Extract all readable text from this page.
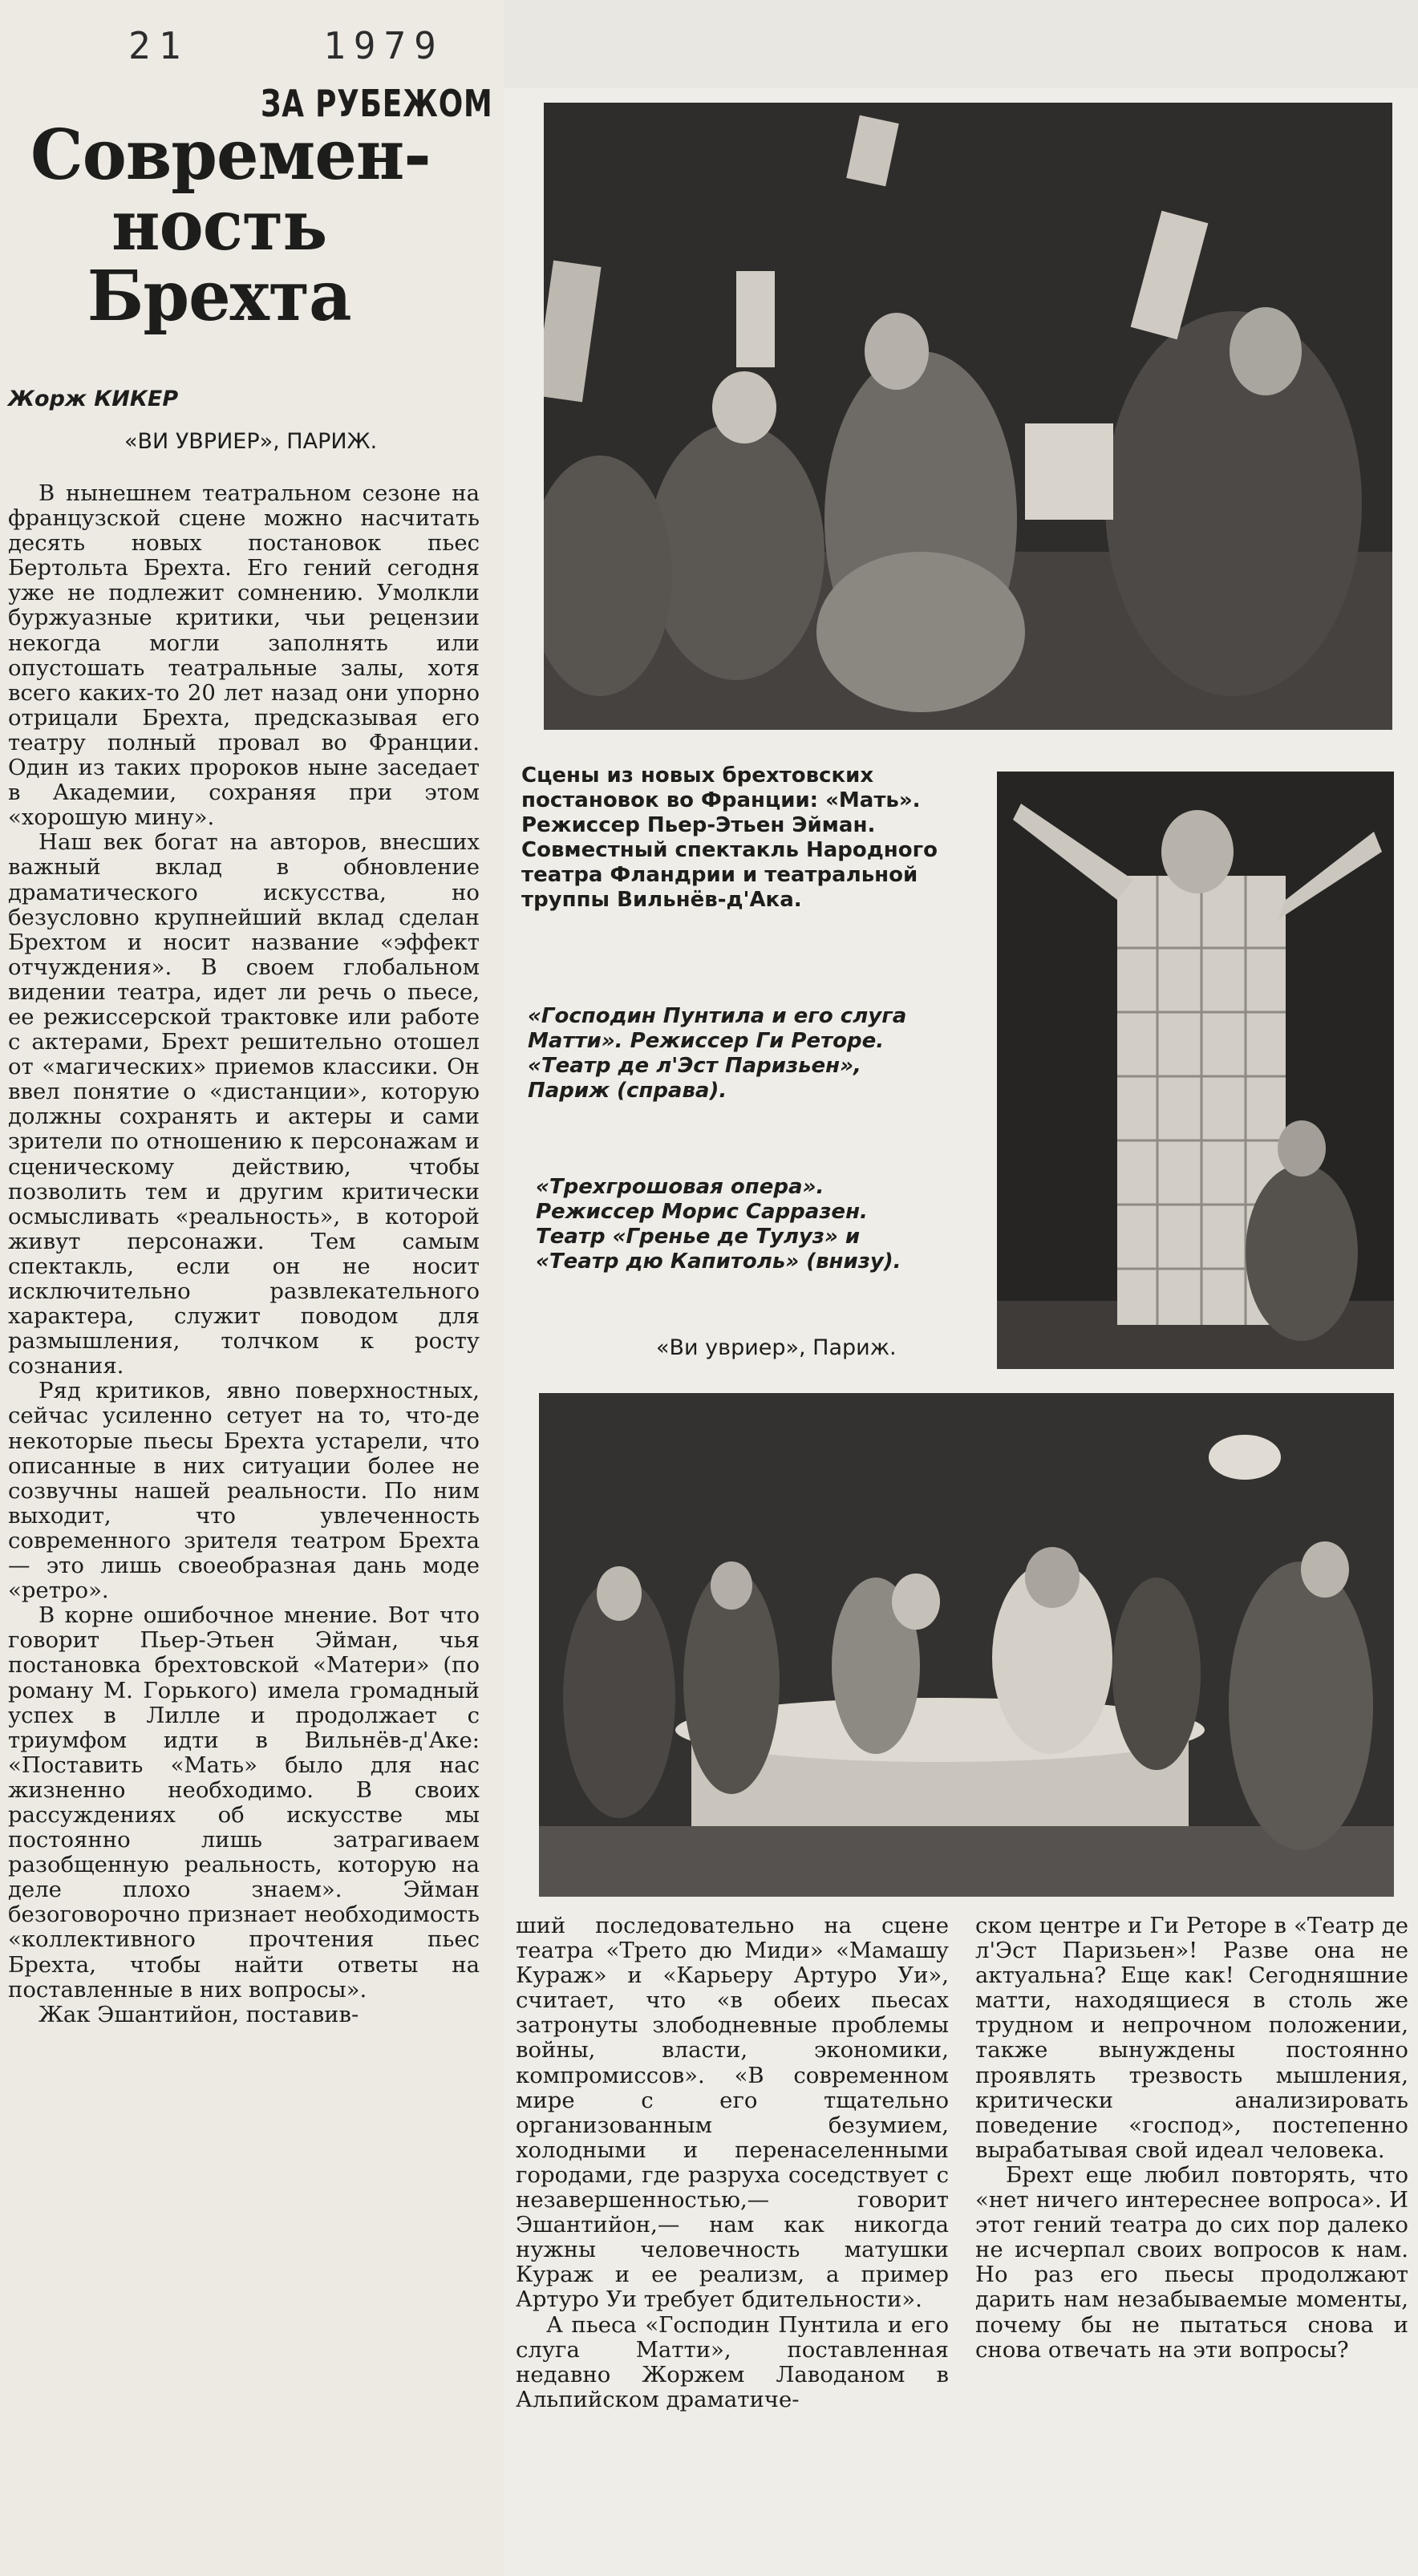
21	1979
ЗА РУБЕЖОМ
Современ-
ность
Брехта
Жорж КИКЕР
«ВИ УВРИЕР», ПАРИЖ.

В нынешнем театральном сезоне на французской сцене можно насчитать десять новых постановок пьес Бертольта Брехта. Его гений сегодня уже не подлежит сомнению. Умолкли буржуазные критики, чьи рецензии некогда могли заполнять или опустошать театральные залы, хотя всего каких-то 20 лет назад они упорно отрицали Брехта, предсказывая его театру полный провал во Франции. Один из таких пророков ныне заседает в Академии, сохраняя при этом «хорошую мину».

Наш век богат на авторов, внесших важный вклад в обновление драматического искусства, но безусловно крупнейший вклад сделан Брехтом и носит название «эффект отчуждения». В своем глобальном видении театра, идет ли речь о пьесе, ее режиссерской трактовке или работе с актерами, Брехт решительно отошел от «магических» приемов классики. Он ввел понятие о «дистанции», которую должны сохранять и актеры и сами зрители по отношению к персонажам и сценическому действию, чтобы позволить тем и другим критически осмысливать «реальность», в которой живут персонажи. Тем самым спектакль, если он не носит исключительно развлекательного характера, служит поводом для размышления, толчком к росту сознания.

Ряд критиков, явно поверхностных, сейчас усиленно сетует на то, что-де некоторые пьесы Брехта устарели, что описанные в них ситуации более не созвучны нашей реальности. По ним выходит, что увлеченность современного зрителя театром Брехта — это лишь своеобразная дань моде «ретро».

В корне ошибочное мнение. Вот что говорит Пьер-Этьен Эйман, чья постановка брехтовской «Матери» (по роману М. Горького) имела громадный успех в Лилле и продолжает с триумфом идти в Вильнёв-д'Аке: «Поставить «Мать» было для нас жизненно необходимо. В своих рассуждениях об искусстве мы постоянно лишь затрагиваем разобщенную реальность, которую на деле плохо знаем». Эйман безоговорочно признает необходимость «коллективного прочтения пьес Брехта, чтобы найти ответы на поставленные в них вопросы».

Жак Эшантийон, поставив-

Сцены из новых брехтовских постановок во Франции: «Мать». Режиссер Пьер-Этьен Эйман. Совместный спектакль Народного театра Фландрии и театральной труппы Вильнёв-д'Ака.

«Господин Пунтила и его слуга Матти». Режиссер Ги Реторе. «Театр де л'Эст Паризьен», Париж (справа).

«Трехгрошовая опера». Режиссер Морис Сарразен. Театр «Гренье де Тулуз» и «Театр дю Капитоль» (внизу).

«Ви увриер», Париж.

ший последовательно на сцене театра «Трето дю Миди» «Мамашу Кураж» и «Карьеру Артуро Уи», считает, что «в обеих пьесах затронуты злободневные проблемы войны, власти, экономики, компромиссов». «В современном мире с его тщательно организованным безумием, холодными и перенаселенными городами, где разруха соседствует с незавершенностью,— говорит Эшантийон,— нам как никогда нужны человечность матушки Кураж и ее реализм, а пример Артуро Уи требует бдительности».

А пьеса «Господин Пунтила и его слуга Матти», поставленная недавно Жоржем Лаводаном в Альпийском драматиче-

ском центре и Ги Реторе в «Театр де л'Эст Паризьен»! Разве она не актуальна? Еще как! Сегодняшние матти, находящиеся в столь же трудном и непрочном положении, также вынуждены постоянно проявлять трезвость мышления, критически анализировать поведение «господ», постепенно вырабатывая свой идеал человека.

Брехт еще любил повторять, что «нет ничего интереснее вопроса». И этот гений театра до сих пор далеко не исчерпал своих вопросов к нам. Но раз его пьесы продолжают дарить нам незабываемые моменты, почему бы не пытаться снова и снова отвечать на эти вопросы?
